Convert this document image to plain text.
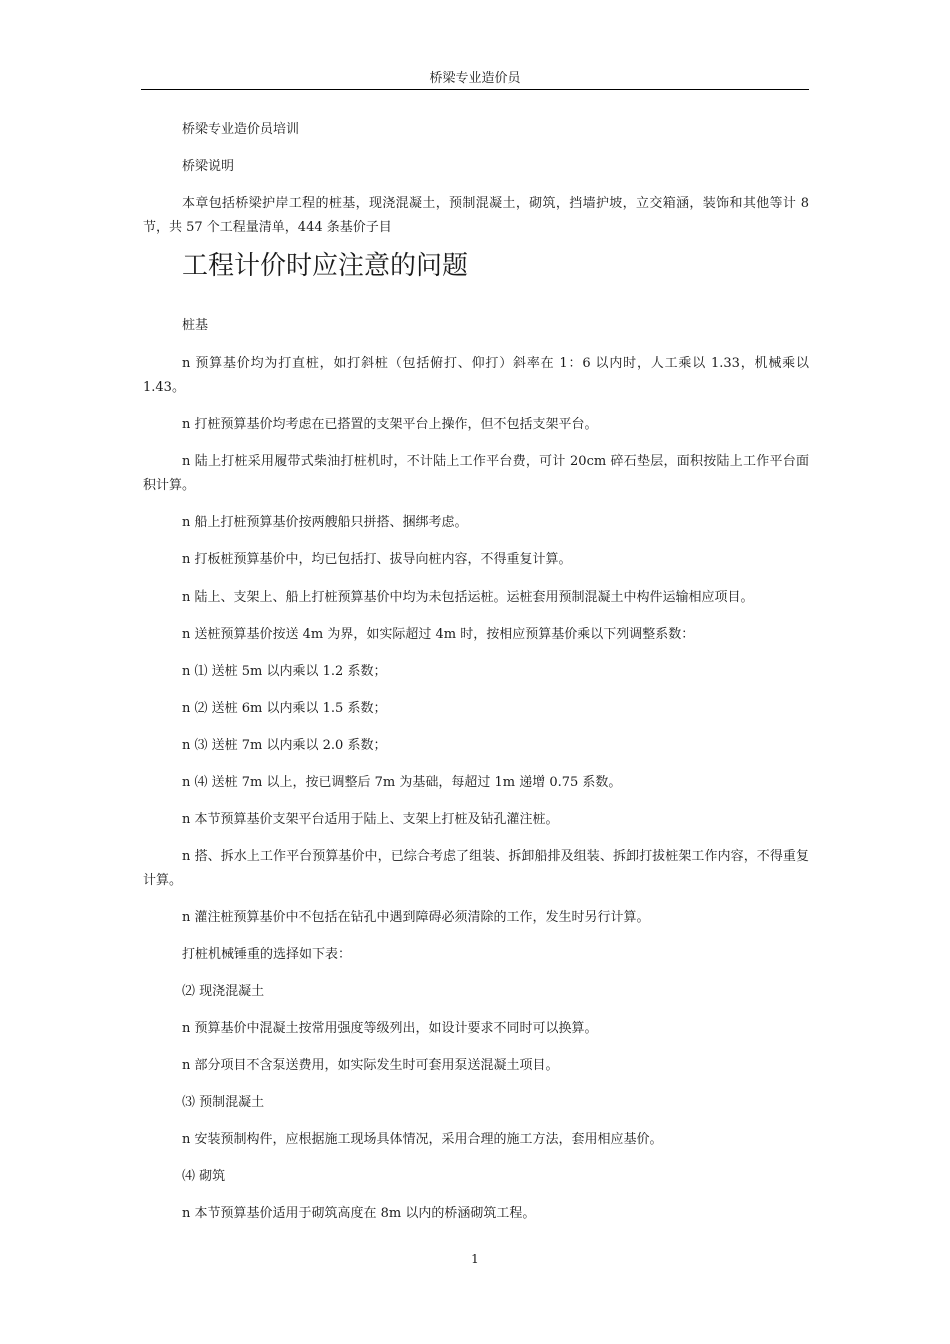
桥梁专业造价员

桥梁专业造价员培训

桥梁说明

本章包括桥梁护岸工程的桩基，现浇混凝土，预制混凝土，砌筑，挡墙护坡，立交箱涵，装饰和其他等计 8 节，共 57 个工程量清单，444 条基价子目

工程计价时应注意的问题

桩基

n 预算基价均为打直桩，如打斜桩（包括俯打、仰打）斜率在 1：6 以内时，人工乘以 1.33，机械乘以 1.43。

n 打桩预算基价均考虑在已搭置的支架平台上操作，但不包括支架平台。

n 陆上打桩采用履带式柴油打桩机时，不计陆上工作平台费，可计 20cm 碎石垫层，面积按陆上工作平台面积计算。

n 船上打桩预算基价按两艘船只拼搭、捆绑考虑。

n 打板桩预算基价中，均已包括打、拔导向桩内容，不得重复计算。

n 陆上、支架上、船上打桩预算基价中均为未包括运桩。运桩套用预制混凝土中构件运输相应项目。

n 送桩预算基价按送 4m 为界，如实际超过 4m 时，按相应预算基价乘以下列调整系数：

n ⑴ 送桩 5m 以内乘以 1.2 系数；

n ⑵ 送桩 6m 以内乘以 1.5 系数；

n ⑶ 送桩 7m 以内乘以 2.0 系数；

n ⑷ 送桩 7m 以上，按已调整后 7m 为基础，每超过 1m 递增 0.75 系数。

n 本节预算基价支架平台适用于陆上、支架上打桩及钻孔灌注桩。

n 搭、拆水上工作平台预算基价中，已综合考虑了组装、拆卸船排及组装、拆卸打拔桩架工作内容，不得重复计算。

n 灌注桩预算基价中不包括在钻孔中遇到障碍必须清除的工作，发生时另行计算。

打桩机械锤重的选择如下表：

⑵ 现浇混凝土

n 预算基价中混凝土按常用强度等级列出，如设计要求不同时可以换算。

n 部分项目不含泵送费用，如实际发生时可套用泵送混凝土项目。

⑶ 预制混凝土

n 安装预制构件，应根据施工现场具体情况，采用合理的施工方法，套用相应基价。

⑷ 砌筑

n 本节预算基价适用于砌筑高度在 8m 以内的桥涵砌筑工程。

1
